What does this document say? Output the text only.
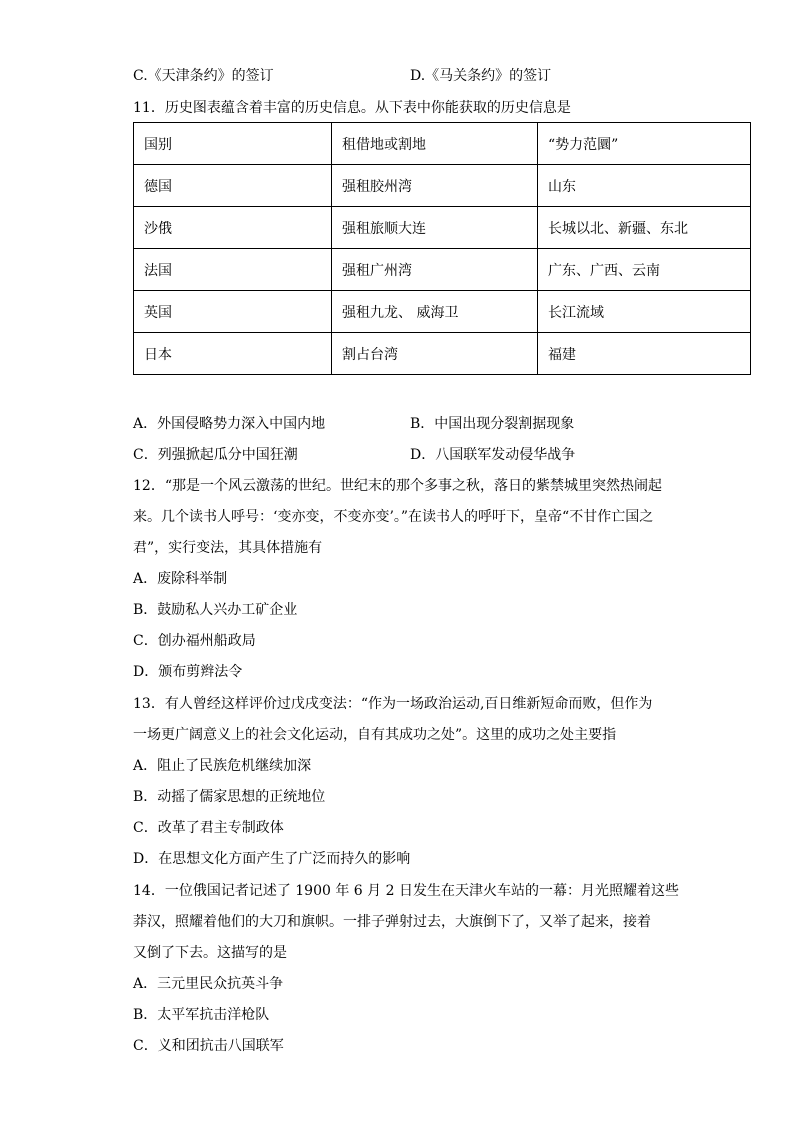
C.《天津条约》的签订	D.《马关条约》的签订
11．历史图表蕴含着丰富的历史信息。从下表中你能获取的历史信息是
国别	租借地或割地	“势力范圜”
德国	强租胶州湾	山东
沙俄	强租旅顺大连	长城以北、新疆、东北
法国	强租广州湾	广东、广西、云南
英国	强租九龙、 威海卫	长江流域
日本	割占台湾	福建
A．外国侵略势力深入中国内地	B．中国出现分裂割据现象
C．列强掀起瓜分中国狂潮	D．八国联军发动侵华战争
12．“那是一个风云激荡的世纪。世纪末的那个多事之秋，落日的紫禁城里突然热闹起
来。几个读书人呼号：‘变亦变，不变亦变’。”在读书人的呼吁下，皇帝“不甘作亡国之
君”，实行变法，其具体措施有
A．废除科举制
B．鼓励私人兴办工矿企业
C．创办福州船政局
D．颁布剪辫法令
13．有人曾经这样评价过戊戌变法：“作为一场政治运动,百日维新短命而败，但作为
一场更广阔意义上的社会文化运动，自有其成功之处”。这里的成功之处主要指
A．阻止了民族危机继续加深
B．动摇了儒家思想的正统地位
C．改革了君主专制政体
D．在思想文化方面产生了广泛而持久的影响
14．一位俄国记者记述了 1900 年 6 月 2 日发生在天津火车站的一幕：月光照耀着这些
莽汉，照耀着他们的大刀和旗帜。一排子弹射过去，大旗倒下了，又举了起来，接着
又倒了下去。这描写的是
A．三元里民众抗英斗争
B．太平军抗击洋枪队
C．义和团抗击八国联军
